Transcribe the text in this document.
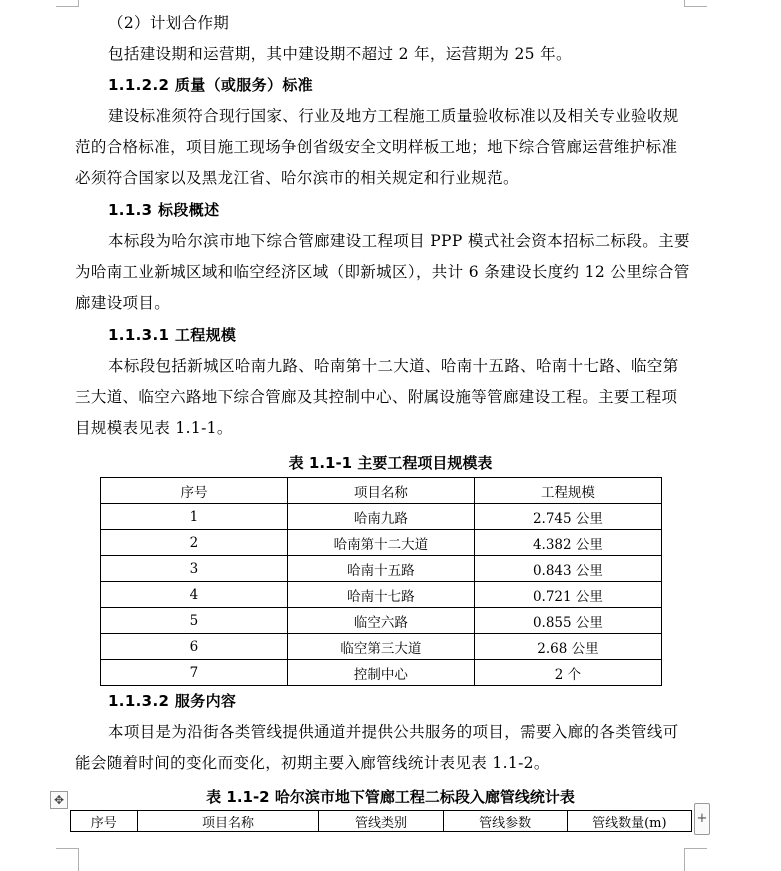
（2）计划合作期
包括建设期和运营期，其中建设期不超过 2 年，运营期为 25 年。
1.1.2.2 质量（或服务）标准
建设标准须符合现行国家、行业及地方工程施工质量验收标准以及相关专业验收规
范的合格标准，项目施工现场争创省级安全文明样板工地；地下综合管廊运营维护标准
必须符合国家以及黑龙江省、哈尔滨市的相关规定和行业规范。
1.1.3 标段概述
本标段为哈尔滨市地下综合管廊建设工程项目 PPP 模式社会资本招标二标段。主要
为哈南工业新城区域和临空经济区域（即新城区），共计 6 条建设长度约 12 公里综合管
廊建设项目。
1.1.3.1 工程规模
本标段包括新城区哈南九路、哈南第十二大道、哈南十五路、哈南十七路、临空第
三大道、临空六路地下综合管廊及其控制中心、附属设施等管廊建设工程。主要工程项
目规模表见表 1.1-1。
表 1.1-1 主要工程项目规模表
序号	项目名称	工程规模
1	哈南九路	2.745 公里
2	哈南第十二大道	4.382 公里
3	哈南十五路	0.843 公里
4	哈南十七路	0.721 公里
5	临空六路	0.855 公里
6	临空第三大道	2.68 公里
7	控制中心	2 个
1.1.3.2 服务内容
本项目是为沿街各类管线提供通道并提供公共服务的项目，需要入廊的各类管线可
能会随着时间的变化而变化，初期主要入廊管线统计表见表 1.1-2。
✥	表 1.1-2 哈尔滨市地下管廊工程二标段入廊管线统计表
序号	项目名称	管线类别	管线参数	管线数量(m) +
